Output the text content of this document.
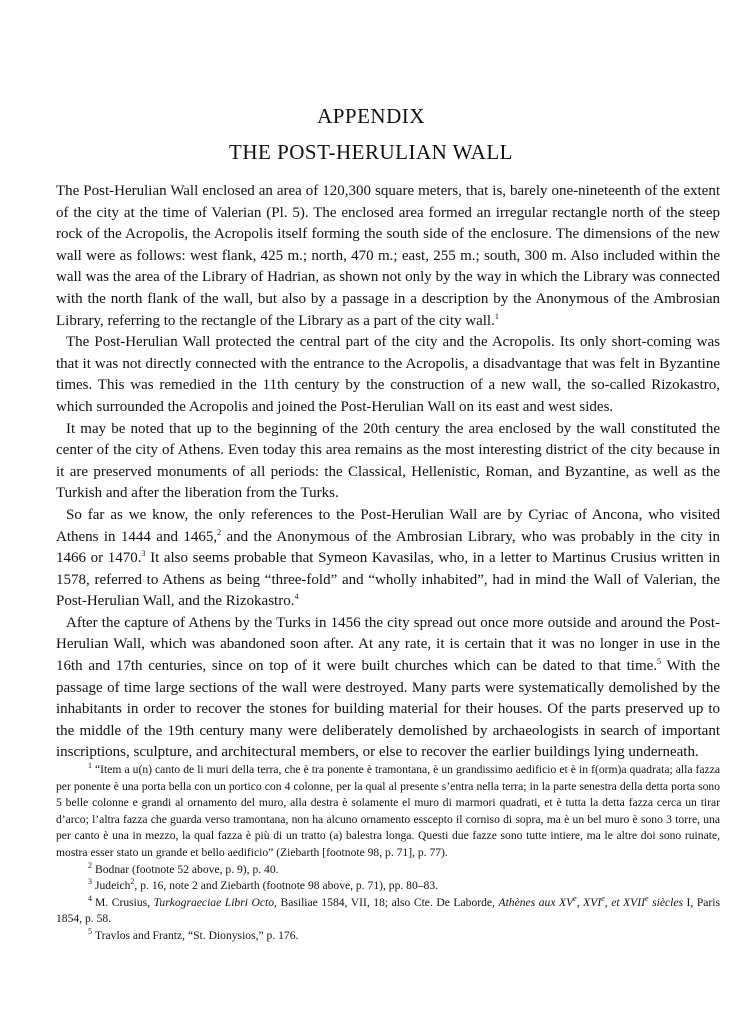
APPENDIX
THE POST-HERULIAN WALL

The Post-Herulian Wall enclosed an area of 120,300 square meters, that is, barely one-nineteenth of the extent of the city at the time of Valerian (Pl. 5). The enclosed area formed an irregular rectangle north of the steep rock of the Acropolis, the Acropolis itself forming the south side of the enclosure. The dimensions of the new wall were as follows: west flank, 425 m.; north, 470 m.; east, 255 m.; south, 300 m. Also included within the wall was the area of the Library of Hadrian, as shown not only by the way in which the Library was connected with the north flank of the wall, but also by a passage in a description by the Anonymous of the Ambrosian Library, referring to the rectangle of the Library as a part of the city wall.$^1$

The Post-Herulian Wall protected the central part of the city and the Acropolis. Its only short-coming was that it was not directly connected with the entrance to the Acropolis, a disadvantage that was felt in Byzantine times. This was remedied in the 11th century by the construction of a new wall, the so-called Rizokastro, which surrounded the Acropolis and joined the Post-Herulian Wall on its east and west sides.

It may be noted that up to the beginning of the 20th century the area enclosed by the wall constituted the center of the city of Athens. Even today this area remains as the most interesting district of the city because in it are preserved monuments of all periods: the Classical, Hellenistic, Roman, and Byzantine, as well as the Turkish and after the liberation from the Turks.

So far as we know, the only references to the Post-Herulian Wall are by Cyriac of Ancona, who visited Athens in 1444 and 1465,$^2$ and the Anonymous of the Ambrosian Library, who was probably in the city in 1466 or 1470.$^3$ It also seems probable that Symeon Kavasilas, who, in a letter to Martinus Crusius written in 1578, referred to Athens as being “three-fold” and “wholly inhabited”, had in mind the Wall of Valerian, the Post-Herulian Wall, and the Rizokastro.$^4$

After the capture of Athens by the Turks in 1456 the city spread out once more outside and around the Post-Herulian Wall, which was abandoned soon after. At any rate, it is certain that it was no longer in use in the 16th and 17th centuries, since on top of it were built churches which can be dated to that time.$^5$ With the passage of time large sections of the wall were destroyed. Many parts were systematically demolished by the inhabitants in order to recover the stones for building material for their houses. Of the parts preserved up to the middle of the 19th century many were deliberately demolished by archaeologists in search of important inscriptions, sculpture, and architectural members, or else to recover the earlier buildings lying underneath.

$^1$ “Item a u(n) canto de li muri della terra, che è tra ponente è tramontana, è un grandissimo aedificio et è in f(orm)a quadrata; alla fazza per ponente è una porta bella con un portico con 4 colonne, per la qual al presente s’entra nella terra; in la parte senestra della detta porta sono 5 belle colonne e grandi al ornamento del muro, alla destra è solamente el muro di marmori quadrati, et è tutta la detta fazza cerca un tirar d’arco; l’altra fazza che guarda verso tramontana, non ha alcuno ornamento esscepto il corniso di sopra, ma è un bel muro è sono 3 torre, una per canto è una in mezzo, la qual fazza è più di un tratto (a) balestra longa. Questi due fazze sono tutte intiere, ma le altre doi sono ruinate, mostra esser stato un grande et bello aedificio” (Ziebarth [footnote 98, p. 71], p. 77).

$^2$ Bodnar (footnote 52 above, p. 9), p. 40.

$^3$ Judeich$^2$, p. 16, note 2 and Ziebarth (footnote 98 above, p. 71), pp. 80–83.

$^4$ M. Crusius, Turkograeciae Libri Octo, Basiliae 1584, VII, 18; also Cte. De Laborde, Athènes aux XVe, XVIe, et XVIIe siècles I, Paris 1854, p. 58.

$^5$ Travlos and Frantz, “St. Dionysios,” p. 176.
